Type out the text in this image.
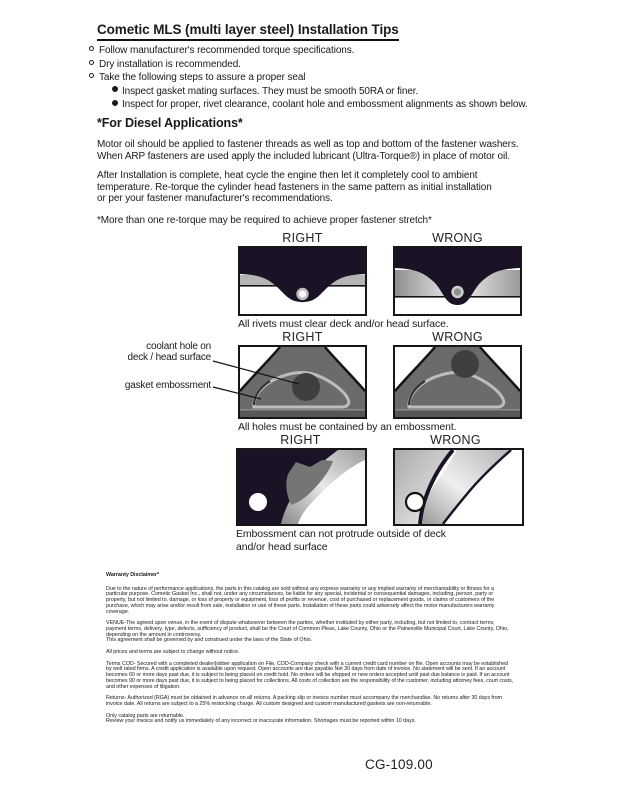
Cometic MLS (multi layer steel) Installation Tips
Follow manufacturer's recommended torque specifications.
Dry installation is recommended.
Take the following steps to assure a proper seal
Inspect gasket mating surfaces. They must be smooth 50RA or finer.
Inspect for proper, rivet clearance, coolant hole and embossment alignments as shown below.
*For Diesel Applications*
Motor oil should be applied to fastener threads as well as top and bottom of the fastener washers.
When ARP fasteners are used apply the included lubricant (Ultra-Torque®) in place of motor oil.
After Installation is complete, heat cycle the engine then let it completely cool to ambient
temperature. Re-torque the cylinder head fasteners in the same pattern as initial installation
or per your fastener manufacturer's recommendations.
*More than one re-torque may be required to achieve proper fastener stretch*
RIGHT	WRONG
All rivets must clear deck and/or head surface.
RIGHT	WRONG
All holes must be contained by an embossment.
coolant hole on
deck / head surface
gasket embossment
RIGHT	WRONG
Embossment can not protrude outside of deck
and/or head surface
Warranty Disclaimer*

Due to the nature of performance applications, the parts in this catalog are sold without any express warranty or any implied warranty of merchantability or fitness for a particular purpose. Cometic Gasket Inc., shall not, under any circumstances, be liable for any special, incidental or consequential damages, including, person, party or property, but not limited to, damage, or loss of property or equipment, loss of profits or revenue, cost of purchased or replacement goods, or claims of customers of the purchase, which may arise and/or result from sale, installation or use of these parts. Installation of these parts could adversely affect the motor manufacturers warranty coverage.

VENUE-The agreed upon venue, in the event of dispute whatsoever between the parties, whether instituted by either party, including, but not limited to, contract terms, payment terms, delivery, type, defects, sufficiency of product, shall be the Court of Common Pleas, Lake County, Ohio or the Painesville Municipal Court, Lake County, Ohio, depending on the amount in controversy.

This agreement shall be governed by and construed under the laws of the State of Ohio.

All prices and terms are subject to change without notice.

Terms COD- Secured with a completed dealer/jobber application on File, COD-Company check with a current credit card number on file. Open accounts may be established by well rated firms. A credit application is available upon request. Open accounts are due payable Net 30 days from date of invoice. No statement will be sent. If an account becomes 60 or more days past due, it is subject to being placed on credit hold. No orders will be shipped or new orders accepted until past due balance is paid. If an account becomes 90 or more days past due, it is subject to being placed for collections. All costs of collection are the responsibility of the customer, including attorney fees, court costs, and other expenses of litigation.

Returns- Authorized (RGA) must be obtained in advance on all returns. A packing slip or invoice number must accompany the merchandise. No returns after 30 days from invoice date. All returns are subject to a 25% restocking charge. All custom designed and custom manufactured gaskets are non-returnable.

Only catalog parts are returnable.

Review your invoice and notify us immediately of any incorrect or inaccurate information. Shortages must be reported within 10 days.

CG-109.00
